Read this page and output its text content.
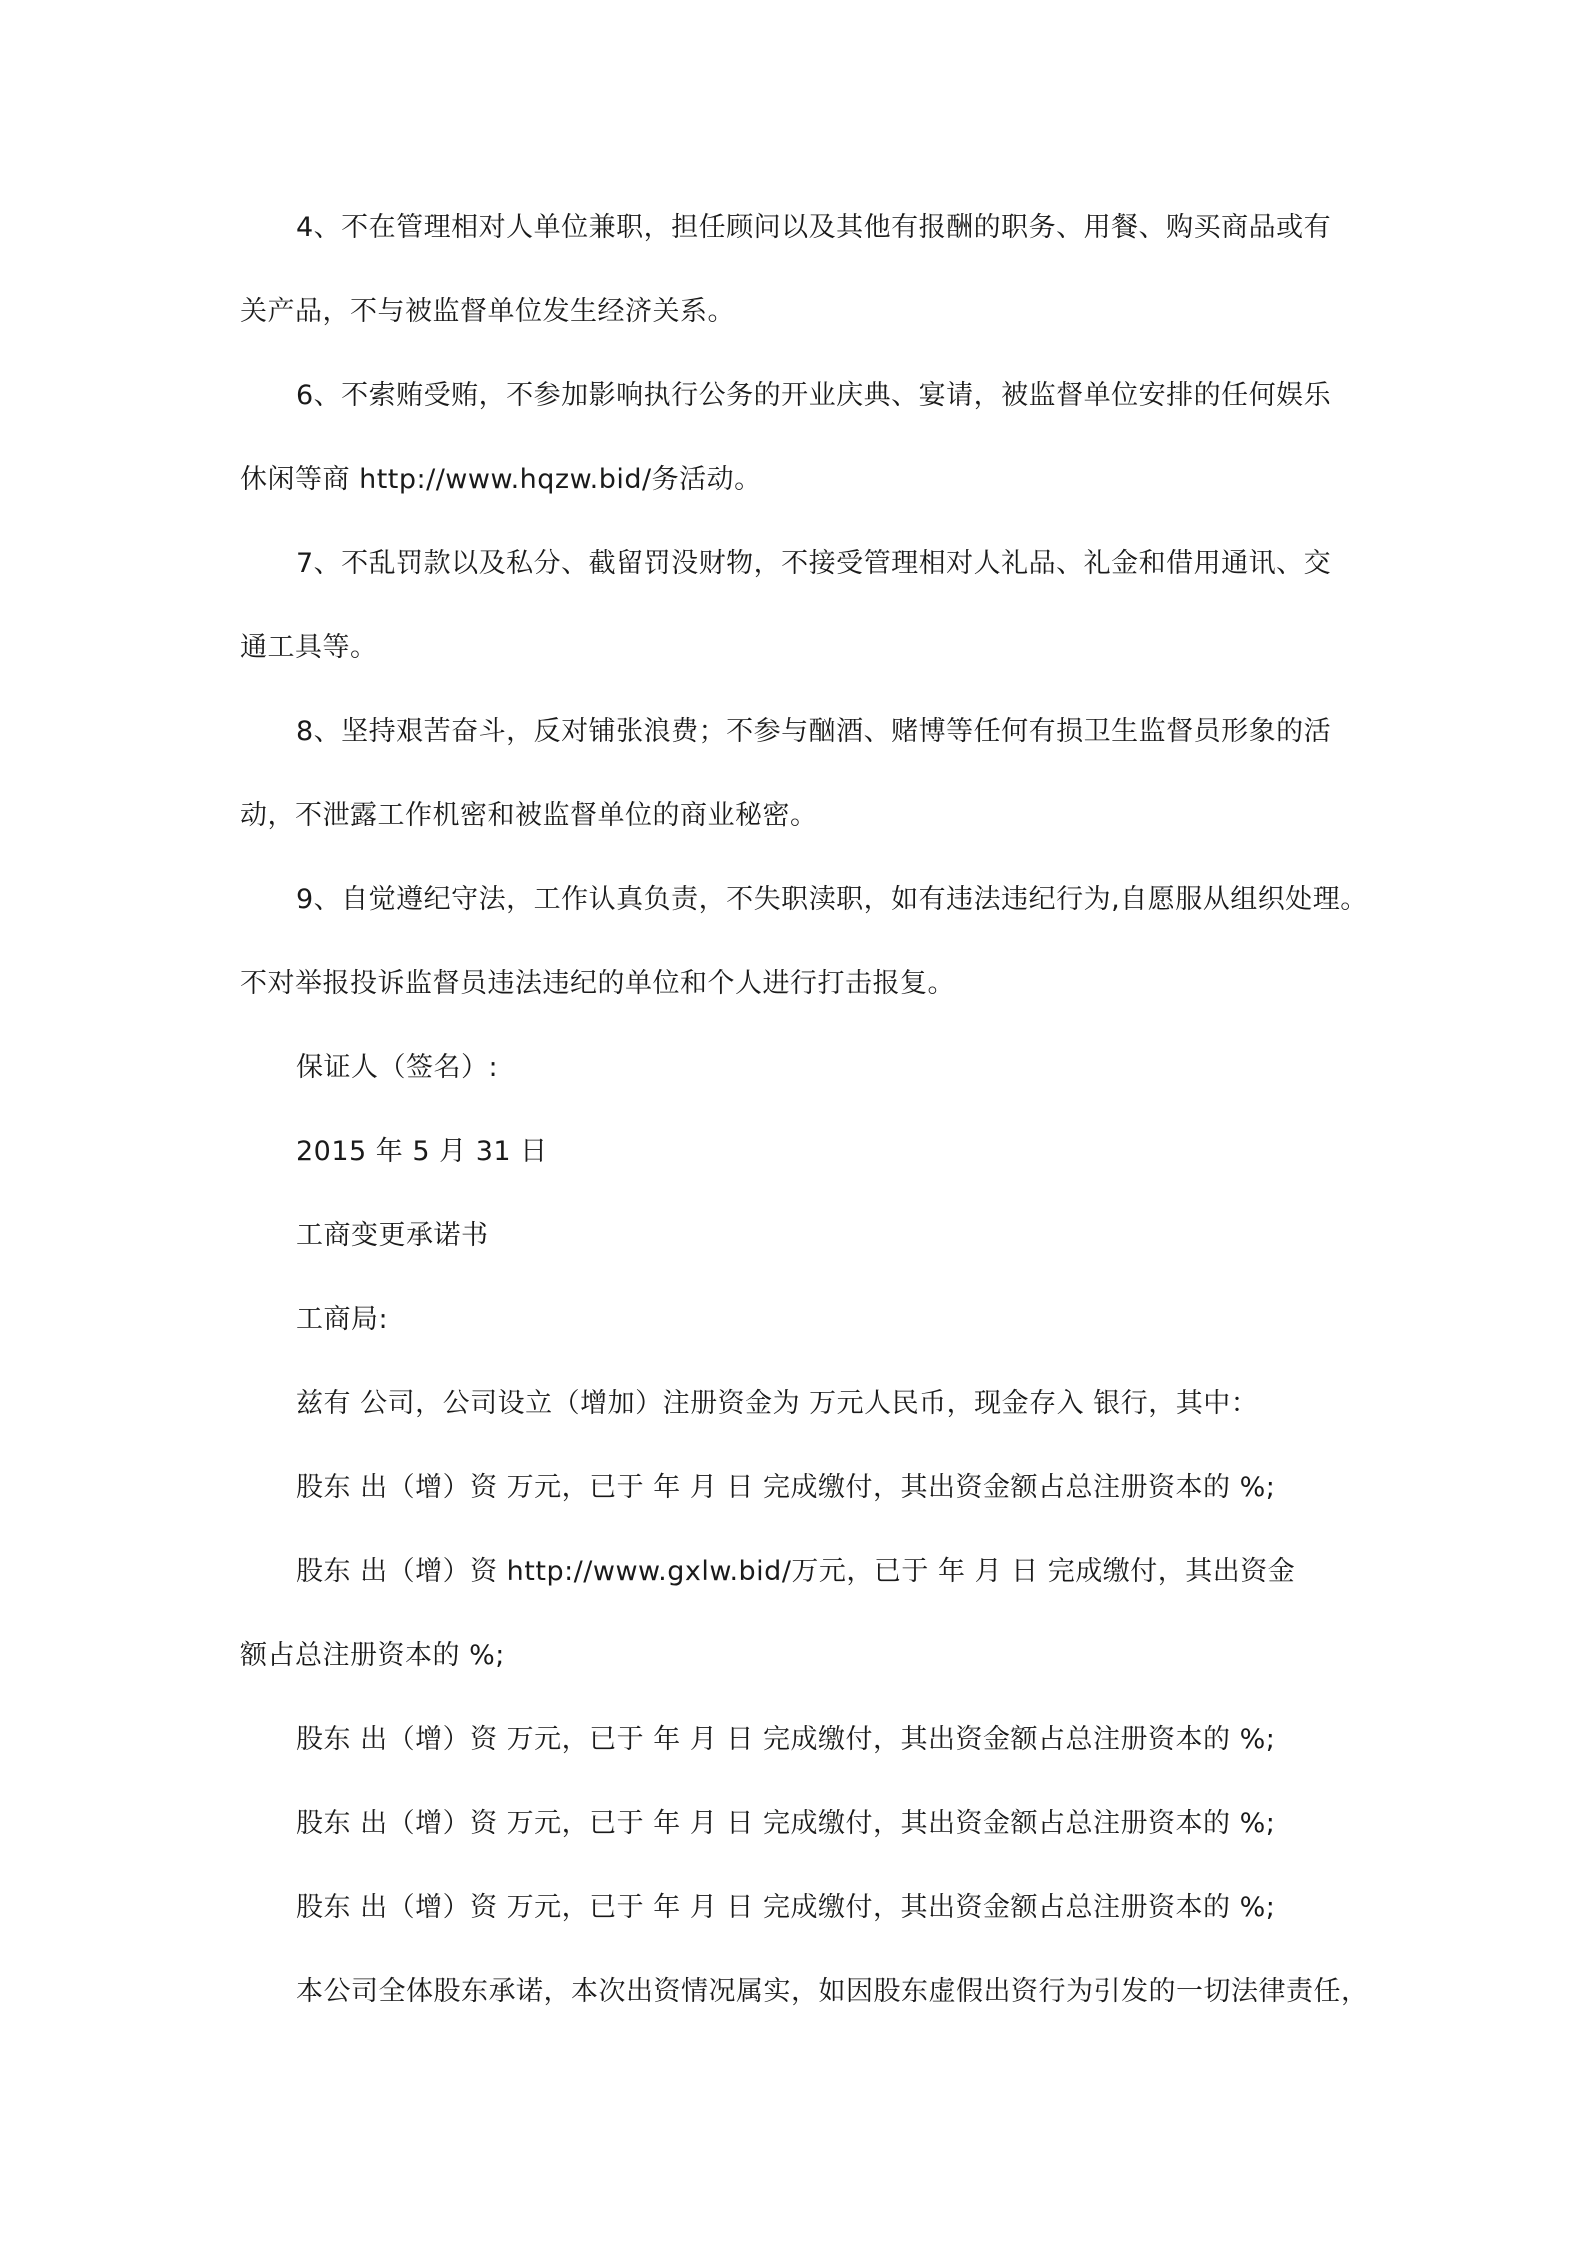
4、不在管理相对人单位兼职，担任顾问以及其他有报酬的职务、用餐、购买商品或有
关产品，不与被监督单位发生经济关系。
6、不索贿受贿，不参加影响执行公务的开业庆典、宴请，被监督单位安排的任何娱乐
休闲等商 http://www.hqzw.bid/务活动。
7、不乱罚款以及私分、截留罚没财物，不接受管理相对人礼品、礼金和借用通讯、交
通工具等。
8、坚持艰苦奋斗，反对铺张浪费；不参与酗酒、赌博等任何有损卫生监督员形象的活
动，不泄露工作机密和被监督单位的商业秘密。
9、自觉遵纪守法，工作认真负责，不失职渎职，如有违法违纪行为,自愿服从组织处理。
不对举报投诉监督员违法违纪的单位和个人进行打击报复。
保证人（签名）:
2015 年 5 月 31 日
工商变更承诺书
工商局:
兹有 公司，公司设立（增加）注册资金为 万元人民币，现金存入 银行，其中：
股东 出（增）资 万元，已于 年 月 日 完成缴付，其出资金额占总注册资本的 %;
股东 出（增）资 http://www.gxlw.bid/万元，已于 年 月 日 完成缴付，其出资金
额占总注册资本的 %;
股东 出（增）资 万元，已于 年 月 日 完成缴付，其出资金额占总注册资本的 %;
股东 出（增）资 万元，已于 年 月 日 完成缴付，其出资金额占总注册资本的 %;
股东 出（增）资 万元，已于 年 月 日 完成缴付，其出资金额占总注册资本的 %;
本公司全体股东承诺，本次出资情况属实，如因股东虚假出资行为引发的一切法律责任，
